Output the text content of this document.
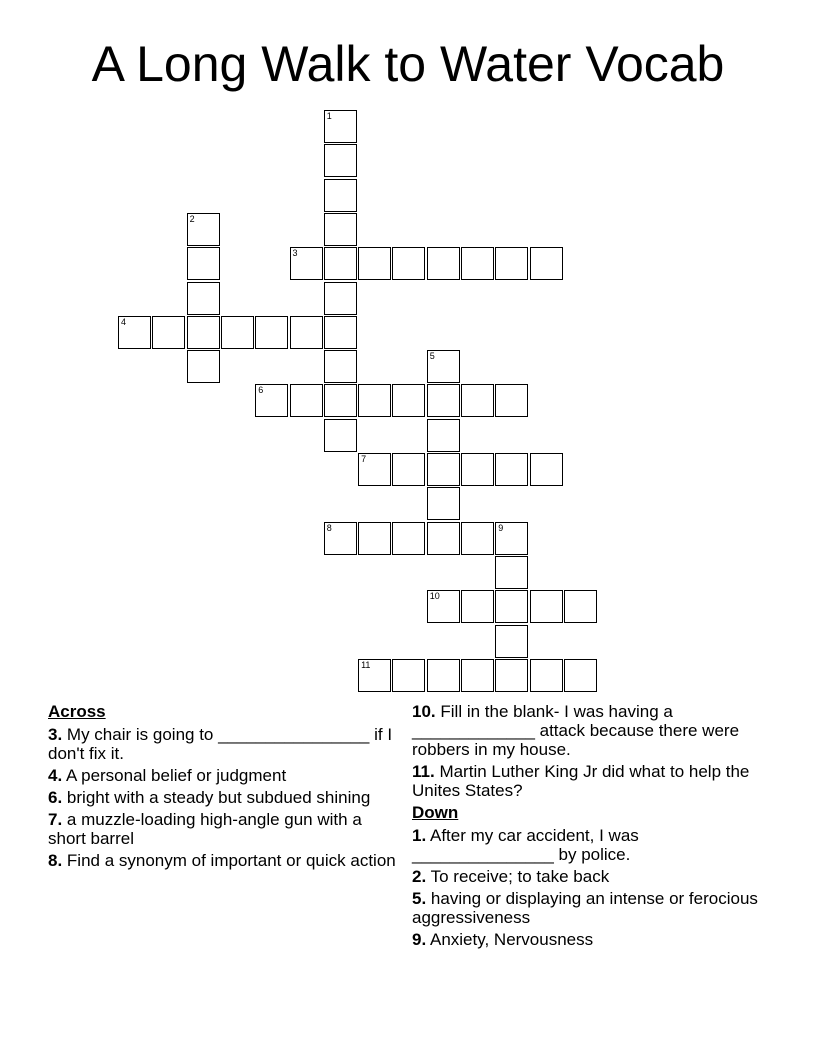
A Long Walk to Water Vocab
1
2
3
4
5
6
7
8	9
10
11
Across
3. My chair is going to ________________ if I don't fix it.
4. A personal belief or judgment
6. bright with a steady but subdued shining
7. a muzzle-loading high-angle gun with a short barrel
8. Find a synonym of important or quick action
10. Fill in the blank- I was having a _____________ attack because there were robbers in my house.
11. Martin Luther King Jr did what to help the Unites States?
Down
1. After my car accident, I was _______________ by police.
2. To receive; to take back
5. having or displaying an intense or ferocious aggressiveness
9. Anxiety, Nervousness
